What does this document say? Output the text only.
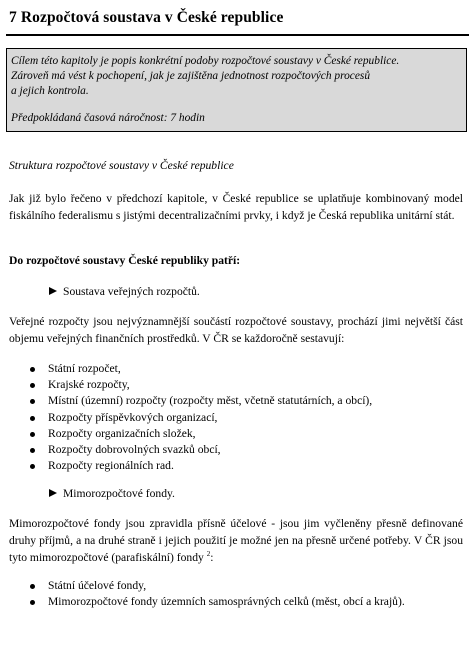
7 Rozpočtová soustava v České republice
Cílem této kapitoly je popis konkrétní podoby rozpočtové soustavy v České republice.
Zároveň má vést k pochopení, jak je zajištěna jednotnost rozpočtových procesů
a jejich kontrola.
Předpokládaná časová náročnost: 7 hodin
Struktura rozpočtové soustavy v České republice
Jak již bylo řečeno v předchozí kapitole, v České republice se uplatňuje kombinovaný model fiskálního federalismu s jistými decentralizačními prvky, i když je Česká republika unitární stát.
Do rozpočtové soustavy České republiky patří:
Soustava veřejných rozpočtů.
Veřejné rozpočty jsou nejvýznamnější součástí rozpočtové soustavy, prochází jimi největší část objemu veřejných finančních prostředků. V ČR se každoročně sestavují:
Státní rozpočet,
Krajské rozpočty,
Místní (územní) rozpočty (rozpočty měst, včetně statutárních, a obcí),
Rozpočty příspěvkových organizací,
Rozpočty organizačních složek,
Rozpočty dobrovolných svazků obcí,
Rozpočty regionálních rad.
Mimorozpočtové fondy.
Mimorozpočtové fondy jsou zpravidla přísně účelové - jsou jim vyčleněny přesně definované druhy příjmů, a na druhé straně i jejich použití je možné jen na přesně určené potřeby. V ČR jsou tyto mimorozpočtové (parafiskální) fondy $^2$:
Státní účelové fondy,
Mimorozpočtové fondy územních samosprávných celků (měst, obcí a krajů).
